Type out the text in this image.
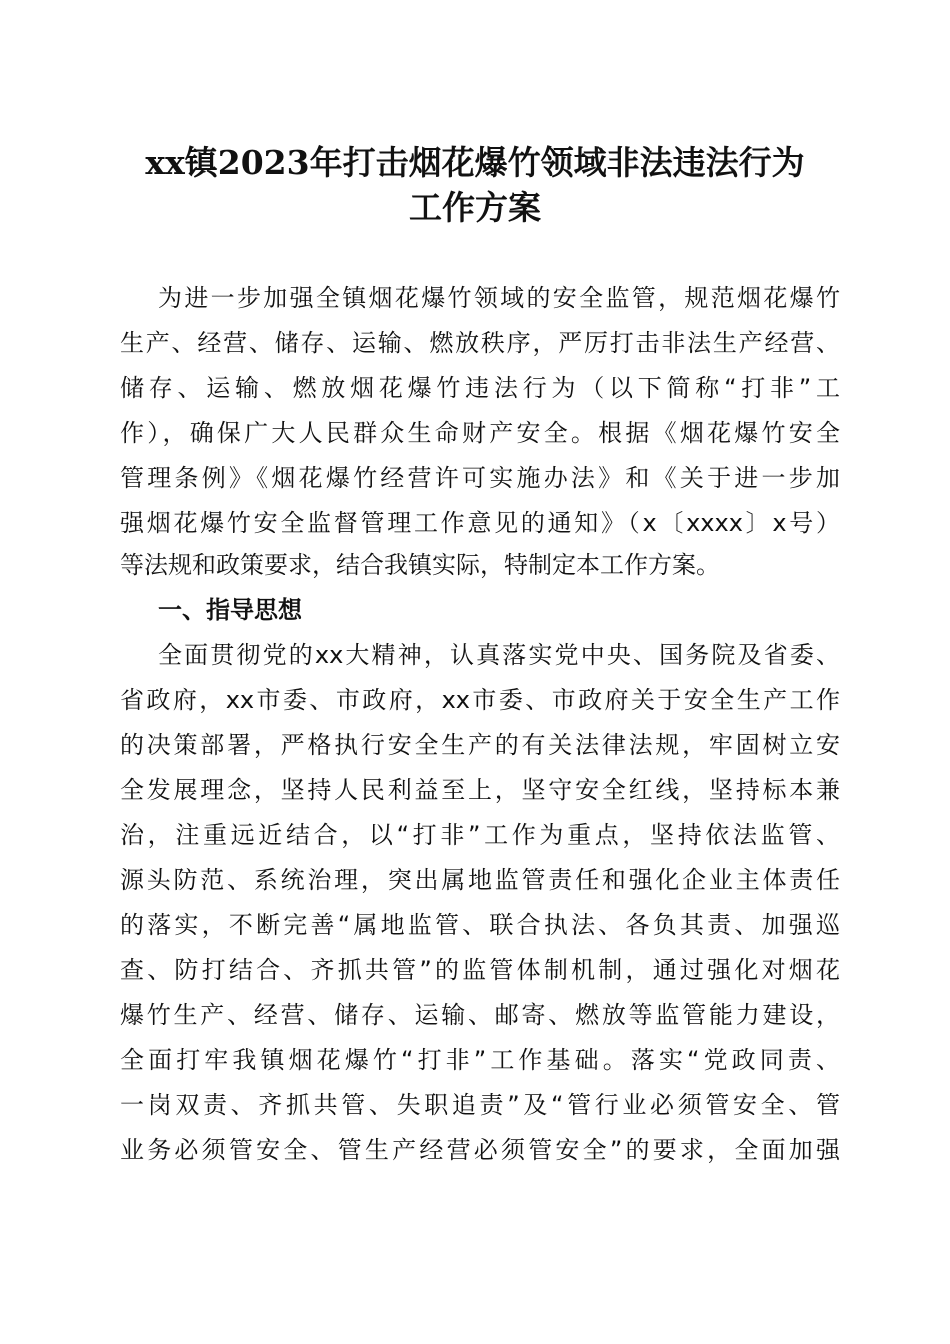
xx镇2023年打击烟花爆竹领域非法违法行为
工作方案
为进一步加强全镇烟花爆竹领域的安全监管，规范烟花爆竹
生产、经营、储存、运输、燃放秩序，严厉打击非法生产经营、
储存、运输、燃放烟花爆竹违法行为（以下简称“打非”工
作），确保广大人民群众生命财产安全。根据《烟花爆竹安全
管理条例》《烟花爆竹经营许可实施办法》和《关于进一步加
强烟花爆竹安全监督管理工作意见的通知》（x〔xxxx〕x号）
等法规和政策要求，结合我镇实际，特制定本工作方案。
一、指导思想
全面贯彻党的xx大精神，认真落实党中央、国务院及省委、
省政府，xx市委、市政府，xx市委、市政府关于安全生产工作
的决策部署，严格执行安全生产的有关法律法规，牢固树立安
全发展理念，坚持人民利益至上，坚守安全红线，坚持标本兼
治，注重远近结合，以“打非”工作为重点，坚持依法监管、
源头防范、系统治理，突出属地监管责任和强化企业主体责任
的落实，不断完善“属地监管、联合执法、各负其责、加强巡
查、防打结合、齐抓共管”的监管体制机制，通过强化对烟花
爆竹生产、经营、储存、运输、邮寄、燃放等监管能力建设，
全面打牢我镇烟花爆竹“打非”工作基础。落实“党政同责、
一岗双责、齐抓共管、失职追责”及“管行业必须管安全、管
业务必须管安全、管生产经营必须管安全”的要求，全面加强
